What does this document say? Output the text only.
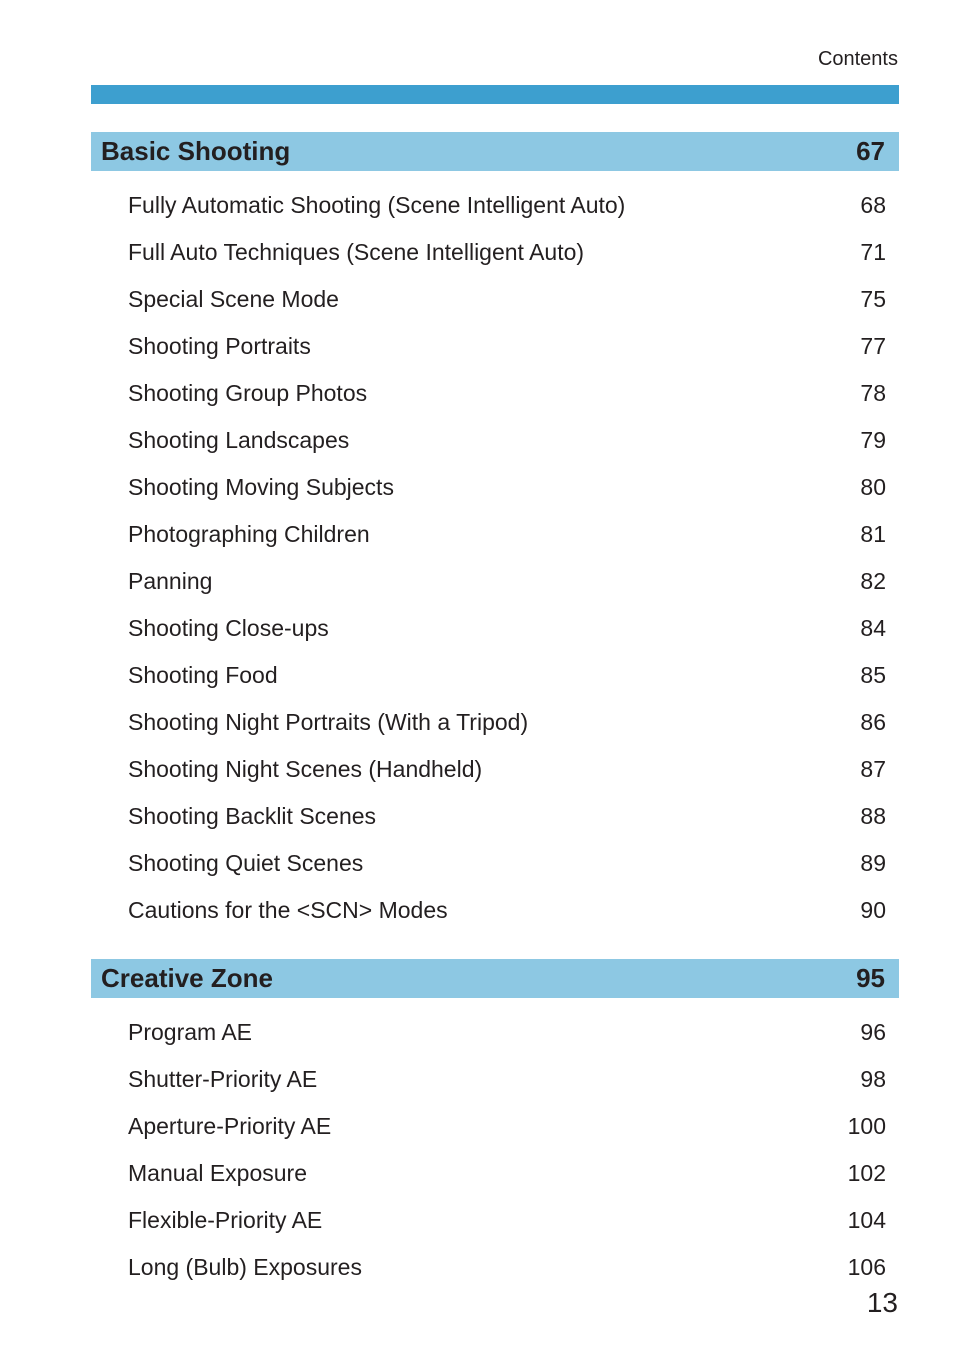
Contents
Basic Shooting	67
Fully Automatic Shooting (Scene Intelligent Auto)	68
Full Auto Techniques (Scene Intelligent Auto)	71
Special Scene Mode	75
Shooting Portraits	77
Shooting Group Photos	78
Shooting Landscapes	79
Shooting Moving Subjects	80
Photographing Children	81
Panning	82
Shooting Close-ups	84
Shooting Food	85
Shooting Night Portraits (With a Tripod)	86
Shooting Night Scenes (Handheld)	87
Shooting Backlit Scenes	88
Shooting Quiet Scenes	89
Cautions for the <SCN> Modes	90
Creative Zone	95
Program AE	96
Shutter-Priority AE	98
Aperture-Priority AE	100
Manual Exposure	102
Flexible-Priority AE	104
Long (Bulb) Exposures	106
13
